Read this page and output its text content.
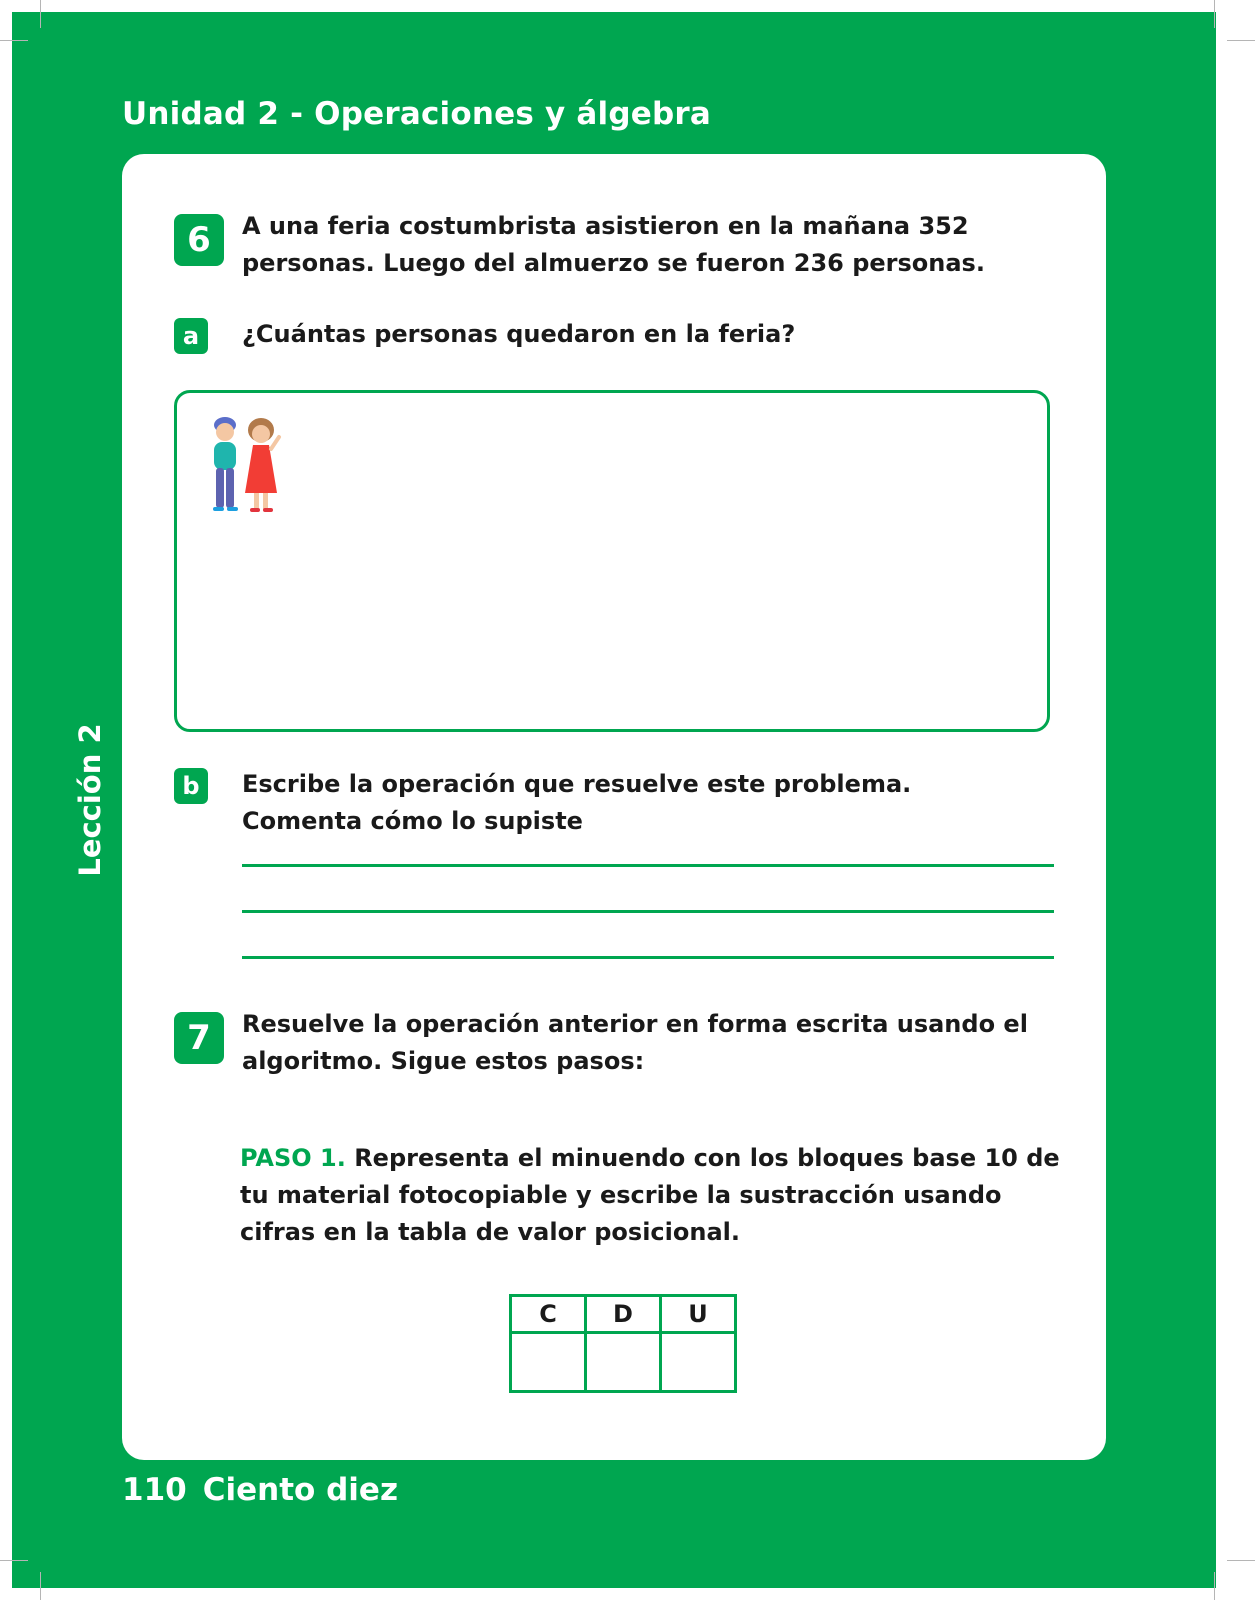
Unidad 2 - Operaciones y álgebra
Lección 2
6	A una feria costumbrista asistieron en la mañana 352 personas. Luego del almuerzo se fueron 236 personas.
a	¿Cuántas personas quedaron en la feria?
b	Escribe la operación que resuelve este problema. Comenta cómo lo supiste
7	Resuelve la operación anterior en forma escrita usando el algoritmo. Sigue estos pasos:
PASO 1. Representa el minuendo con los bloques base 10 de tu material fotocopiable y escribe la sustracción usando cifras en la tabla de valor posicional.
C	D	U

110 Ciento diez
